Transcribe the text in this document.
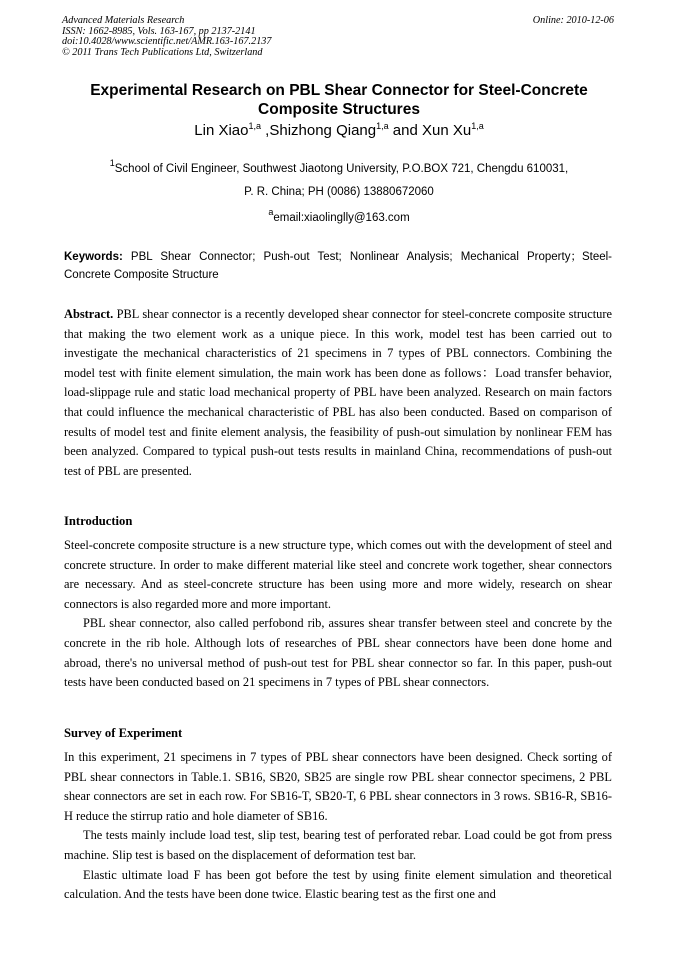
Advanced Materials Research
ISSN: 1662-8985, Vols. 163-167, pp 2137-2141
doi:10.4028/www.scientific.net/AMR.163-167.2137
© 2011 Trans Tech Publications Ltd, Switzerland
Online: 2010-12-06
Experimental Research on PBL Shear Connector for Steel-Concrete Composite Structures
Lin Xiao$^{1,a}$ ,Shizhong Qiang$^{1,a}$ and Xun Xu$^{1,a}$
$^1$School of Civil Engineer, Southwest Jiaotong University, P.O.BOX 721, Chengdu 610031,
P. R. China; PH (0086) 13880672060
$^a$email:xiaolinglly@163.com
Keywords: PBL Shear Connector; Push-out Test; Nonlinear Analysis; Mechanical Property；Steel-Concrete Composite Structure

Abstract. PBL shear connector is a recently developed shear connector for steel-concrete composite structure that making the two element work as a unique piece. In this work, model test has been carried out to investigate the mechanical characteristics of 21 specimens in 7 types of PBL connectors. Combining the model test with finite element simulation, the main work has been done as follows：Load transfer behavior, load-slippage rule and static load mechanical property of PBL have been analyzed. Research on main factors that could influence the mechanical characteristic of PBL has also been conducted. Based on comparison of results of model test and finite element analysis, the feasibility of push-out simulation by nonlinear FEM has been analyzed. Compared to typical push-out tests results in mainland China, recommendations of push-out test of PBL are presented.

Introduction

Steel-concrete composite structure is a new structure type, which comes out with the development of steel and concrete structure. In order to make different material like steel and concrete work together, shear connectors are necessary. And as steel-concrete structure has been using more and more widely, research on shear connectors is also regarded more and more important.

PBL shear connector, also called perfobond rib, assures shear transfer between steel and concrete by the concrete in the rib hole. Although lots of researches of PBL shear connectors have been done home and abroad, there's no universal method of push-out test for PBL shear connector so far. In this paper, push-out tests have been conducted based on 21 specimens in 7 types of PBL shear connectors.

Survey of Experiment

In this experiment, 21 specimens in 7 types of PBL shear connectors have been designed. Check sorting of PBL shear connectors in Table.1. SB16, SB20, SB25 are single row PBL shear connector specimens, 2 PBL shear connectors are set in each row. For SB16-T, SB20-T, 6 PBL shear connectors in 3 rows. SB16-R, SB16-H reduce the stirrup ratio and hole diameter of SB16.

The tests mainly include load test, slip test, bearing test of perforated rebar. Load could be got from press machine. Slip test is based on the displacement of deformation test bar.

Elastic ultimate load F has been got before the test by using finite element simulation and theoretical calculation. And the tests have been done twice. Elastic bearing test as the first one and
